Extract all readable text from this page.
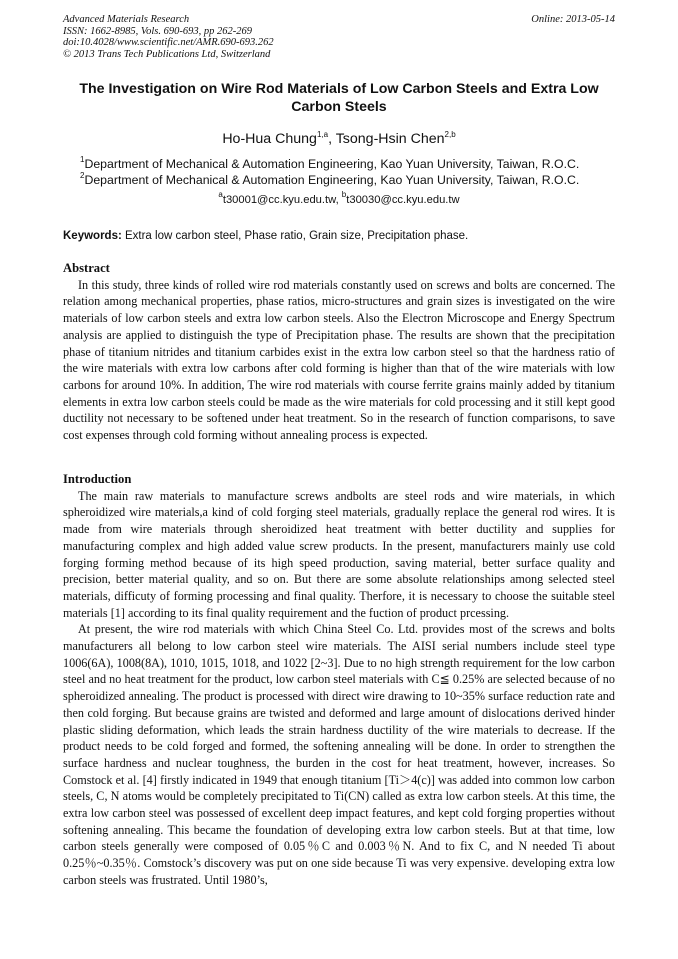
Advanced Materials Research
ISSN: 1662-8985, Vols. 690-693, pp 262-269
doi:10.4028/www.scientific.net/AMR.690-693.262
© 2013 Trans Tech Publications Ltd, Switzerland
Online: 2013-05-14
The Investigation on Wire Rod Materials of Low Carbon Steels and Extra Low Carbon Steels
Ho-Hua Chung$^{1,a}$, Tsong-Hsin Chen$^{2,b}$
$^1$Department of Mechanical & Automation Engineering, Kao Yuan University, Taiwan, R.O.C.
$^2$Department of Mechanical & Automation Engineering, Kao Yuan University, Taiwan, R.O.C.
$^a$t30001@cc.kyu.edu.tw, $^b$t30030@cc.kyu.edu.tw
Keywords: Extra low carbon steel, Phase ratio, Grain size, Precipitation phase.
Abstract

In this study, three kinds of rolled wire rod materials constantly used on screws and bolts are concerned. The relation among mechanical properties, phase ratios, micro-structures and grain sizes is investigated on the wire materials of low carbon steels and extra low carbon steels. Also the Electron Microscope and Energy Spectrum analysis are applied to distinguish the type of Precipitation phase. The results are shown that the precipitation phase of titanium nitrides and titanium carbides exist in the extra low carbon steel so that the hardness ratio of the wire materials with extra low carbons after cold forming is higher than that of the wire materials with low carbons for around 10%. In addition, The wire rod materials with course ferrite grains mainly added by titanium elements in extra low carbon steels could be made as the wire materials for cold processing and it still kept good ductility not necessary to be softened under heat treatment. So in the research of function comparisons, to save cost expenses through cold forming without annealing process is expected.

Introduction

The main raw materials to manufacture screws andbolts are steel rods and wire materials, in which spheroidized wire materials,a kind of cold forging steel materials, gradually replace the general rod wires. It is made from wire materials through sheroidized heat treatment with better ductility and supplies for manufacturing complex and high added value screw products. In the present, manufacturers mainly use cold forging forming method because of its high speed production, saving material, better surface quality and precision, better material quality, and so on. But there are some absolute relationships among selected steel materials, difficuty of forming processing and final quality. Therfore, it is necessary to choose the suitable steel materials [1] according to its final quality requirement and the fuction of product prcessing.

At present, the wire rod materials with which China Steel Co. Ltd. provides most of the screws and bolts manufacturers all belong to low carbon steel wire materials. The AISI serial numbers include steel type 1006(6A), 1008(8A), 1010, 1015, 1018, and 1022 [2~3]. Due to no high strength requirement for the low carbon steel and no heat treatment for the product, low carbon steel materials with C≦ 0.25% are selected because of no spheroidized annealing. The product is processed with direct wire drawing to 10~35% surface reduction rate and then cold forging. But because grains are twisted and deformed and large amount of dislocations derived hinder plastic sliding deformation, which leads the strain hardness ductility of the wire materials to decrease. If the product needs to be cold forged and formed, the softening annealing will be done. In order to strengthen the surface hardness and nuclear toughness, the burden in the cost for heat treatment, however, increases. So Comstock et al. [4] firstly indicated in 1949 that enough titanium [Ti＞4(c)] was added into common low carbon steels, C, N atoms would be completely precipitated to Ti(CN) called as extra low carbon steels. At this time, the extra low carbon steel was possessed of excellent deep impact features, and kept cold forging properties without softening annealing. This became the foundation of developing extra low carbon steels. But at that time, low carbon steels generally were composed of 0.05％C and 0.003％N. And to fix C, and N needed Ti about 0.25％~0.35％. Comstock’s discovery was put on one side because Ti was very expensive. developing extra low carbon steels was frustrated. Until 1980’s,
